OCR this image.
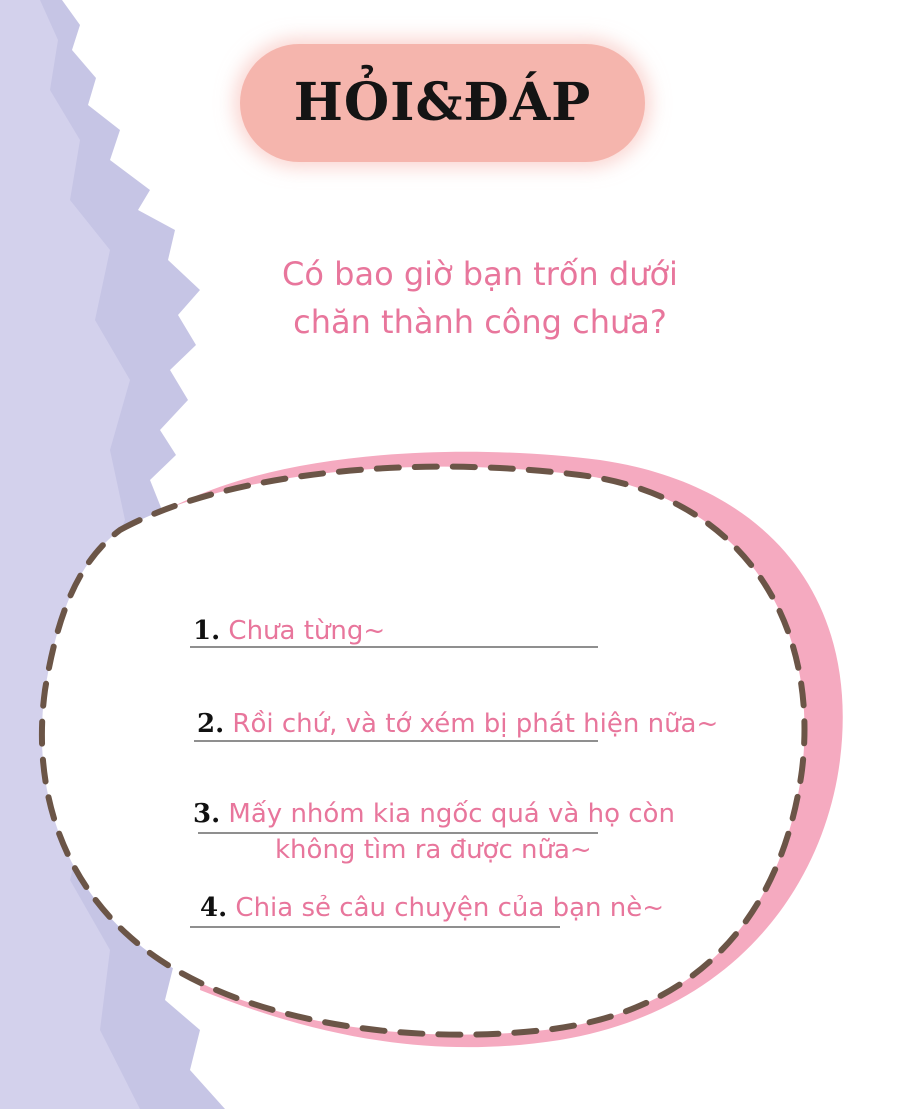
HỎI&ĐÁP
Có bao giờ bạn trốn dưới
chăn thành công chưa?
1. Chưa từng~
2. Rồi chứ, và tớ xém bị phát hiện nữa~
3. Mấy nhóm kia ngốc quá và họ còn
không tìm ra được nữa~
4. Chia sẻ câu chuyện của bạn nè~
